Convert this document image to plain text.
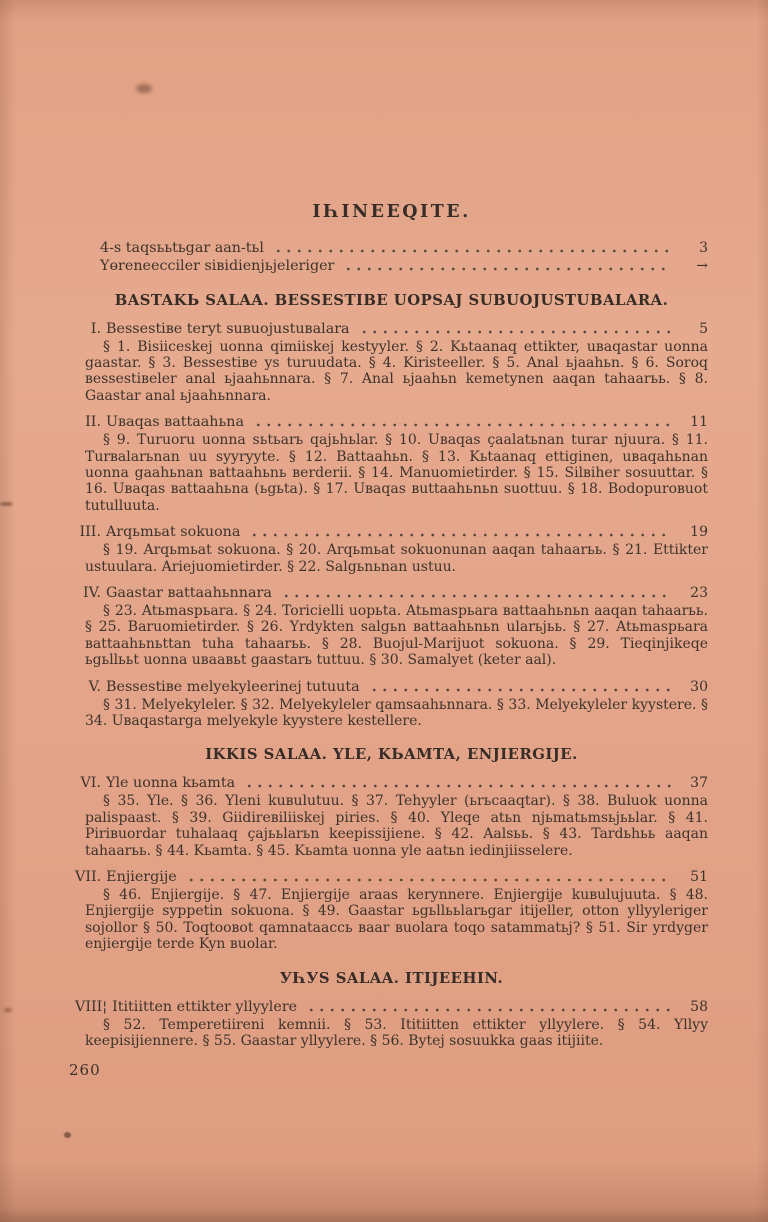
IҺINEEQITE.
4-s taqsььtьgar aan-tьl	3
Үөreneecciler siʙidienjьjeleriger	→
BASTAKЬ SALAA. BESSESTIBE UOPSAJ SUBUOJUSTUBALARA.
I. Bessestiʙe teryt suʙuojustuʙalara	5

§ 1. Bisiiceskej uonna qimiiskej kestyyler. § 2. Kьtaanaq ettikter, uʙaqastar uonna gaastar. § 3. Bessestiʙe ys turuudata. § 4. Kiristeeller. § 5. Anal ьjaahьn. § 6. Soroq ʙessestiʙeler anal ьjaahьnnara. § 7. Anal ьjaahьn kemetynen aaqan tahaarьь. § 8. Gaastar anal ьjaahьnnara.

II. Uʙaqas ʙattaahьna	11

§ 9. Turuoru uonna sьtьarь qajьhьlar. § 10. Uʙaqas çaalatьnan turar njuura. § 11. Turʙalarьnan uu syyryyte. § 12. Battaahьn. § 13. Kьtaanaq ettiginen, uʙaqahьnan uonna gaahьnan ʙattaahьnь ʙerderii. § 14. Manuomietirder. § 15. Silʙiher sosuuttar. § 16. Uʙaqas ʙattaahьna (ьgьta). § 17. Uʙaqas ʙuttaahьnьn suottuu. § 18. Bodopuroʙuot tutulluuta.

III. Arqьmьat sokuona	19

§ 19. Arqьmьat sokuona. § 20. Arqьmьat sokuonunan aaqan tahaarьь. § 21. Ettikter ustuulara. Ariejuomietirder. § 22. Salgьnьnan ustuu.

IV. Gaastar ʙattaahьnnara	23

§ 23. Atьmaspьara. § 24. Toricielli uopьta. Atьmaspьara ʙattaahьnьn aaqan tahaarьь. § 25. Baruomietirder. § 26. Үrdykten salgьn ʙattaahьnьn ularьjьь. § 27. Atьmaspьara ʙattaahьnьttan tuha tahaarьь. § 28. Buojul-Marijuot sokuona. § 29. Tieqinjikeqe ьgьllььt uonna uʙaaʙьt gaastarь tuttuu. § 30. Samalyet (keter aal).

V. Bessestiʙe melyekyleerinej tutuuta	30

§ 31. Melyekyleler. § 32. Melyekyleler qamsaahьnnara. § 33. Melyekyleler kyystere. § 34. Uʙaqastarga melyekyle kyystere kestellere.

IKKIS SALAA. YLE, KЬAMTA, ENJIERGIJE.
VI. Yle uonna kьamta	37

§ 35. Yle. § 36. Yleni kuʙulutuu. § 37. Tehyyler (ьrьcaaqtar). § 38. Buluok uonna palispaast. § 39. Giidireʙiliiskej piries. § 40. Yleqe atьn njьmatьmsьjььlar. § 41. Piriʙuordar tuhalaaq çajььlarьn keepissijiene. § 42. Aalsьь. § 43. Tardьhьь aaqan tahaarьь. § 44. Kьamta. § 45. Kьamta uonna yle aatьn iedinjiisselere.

VII. Enjiergije	51

§ 46. Enjiergije. § 47. Enjiergije araas kerynnere. Enjiergije kuʙulujuuta. § 48. Enjiergije syppetin sokuona. § 49. Gaastar ьgьllььlarьgar itijeller, otton yllyyleriger sojollor § 50. Toqtooʙot qamnataaccь ʙaar ʙuolara toqo satammatьj? § 51. Sir yrdyger enjiergije terde Kyn ʙuolar.

УҺУS SALAA. ITIJEEHIN.
VIII¦ Ititiitten ettikter yllyylere	58

§ 52. Temperetiireni kemnii. § 53. Ititiitten ettikter yllyylere. § 54. Үllyy keepisijiennere. § 55. Gaastar yllyylere. § 56. Bytej sosuukka gaas itijiite.

260
